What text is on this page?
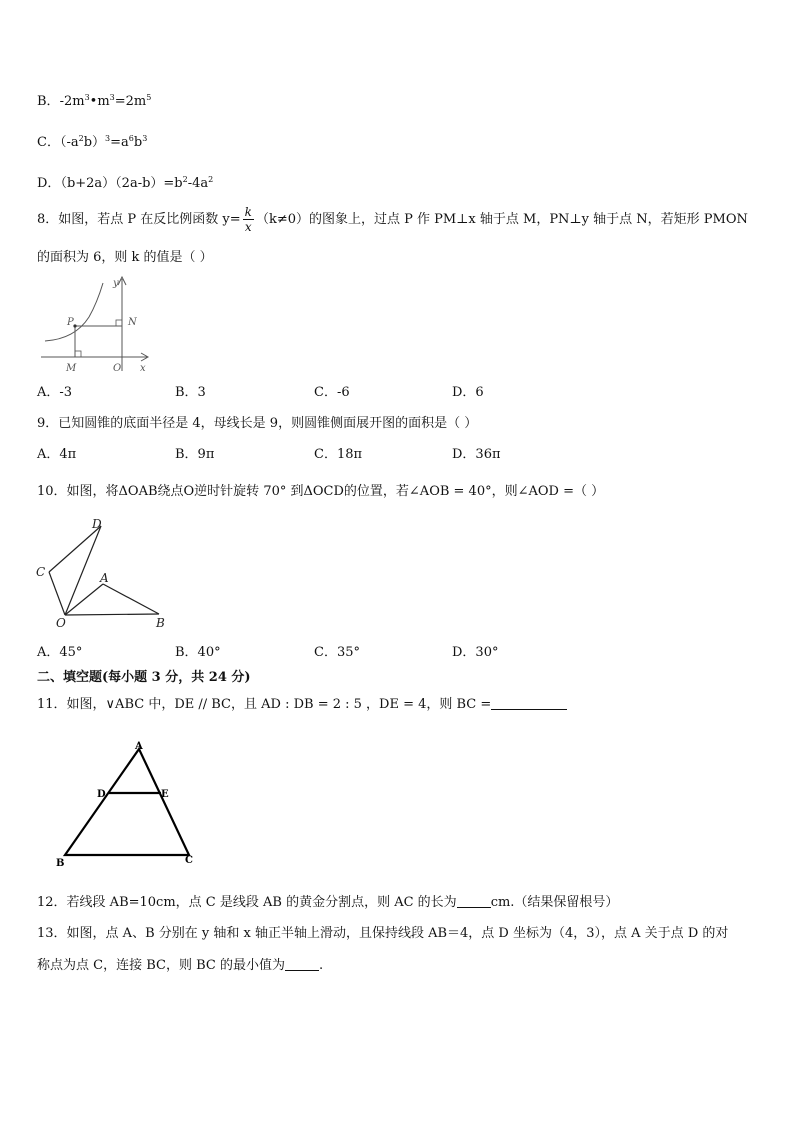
B．$-2m^3•m^3=2m^5$
C．$(-a^2b)^3=a^6b^3$
D．$(b+2a)(2a-b)=b^2-4a^2$
8．如图，若点 P 在反比例函数 $y= \frac{k}{x} (k\ne 0)$的图象上，过点 P 作 PM⊥x 轴于点 M，PN⊥y 轴于点 N，若矩形 PMON
的面积为 6，则 k 的值是（ ）
y
P	N
M	O x
A．-3	B．3	C．-6	D．6
9．已知圆锥的底面半径是 4，母线长是 9，则圆锥侧面展开图的面积是（ ）
A．4π	B．9π	C．18π	D．36π
10．如图，将ΔOAB绕点O逆时针旋转 70° 到ΔOCD的位置，若∠AOB = 40°，则∠AOD =（ ）
D
C	A
O	B
A．45°	B．40°	C．35°	D．30°
二、填空题(每小题 3 分，共 24 分)
11．如图，∨ABC 中，DE // BC，且 AD : DB = 2 : 5 ，DE = 4，则 BC =
A
D	E
B	C
12．若线段 AB=10cm，点 C 是线段 AB 的黄金分割点，则 AC 的长为	cm.（结果保留根号）
13．如图，点 A、B 分别在 y 轴和 x 轴正半轴上滑动，且保持线段 AB＝4，点 D 坐标为（4，3），点 A 关于点 D 的对
称点为点 C，连接 BC，则 BC 的最小值为	.
